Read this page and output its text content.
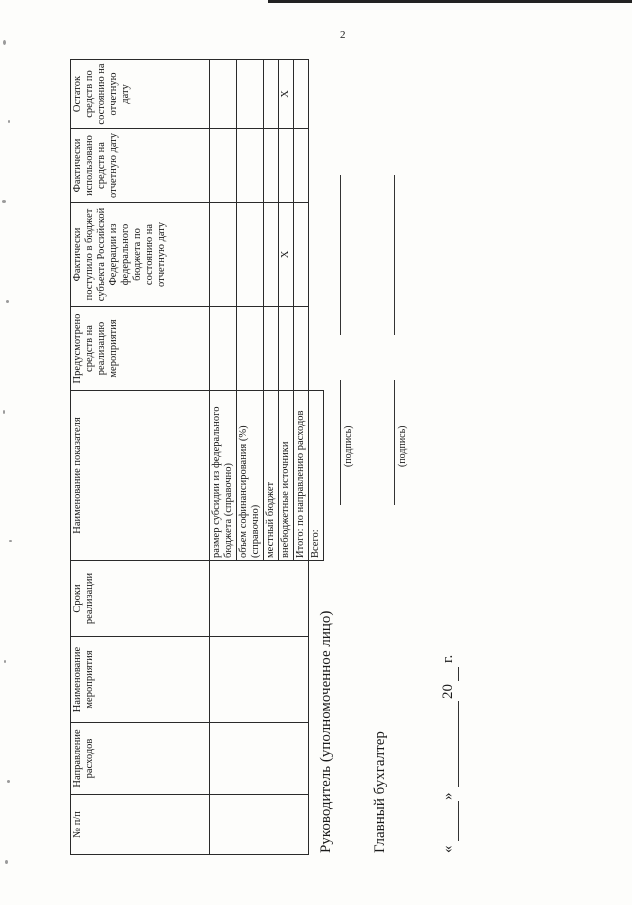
2
№ п/п	Направление расходов	Наименование мероприятия	Сроки реализации	Наименование показателя	Предусмотрено средств на реализацию мероприятия	Фактически поступило в бюджет субъекта Российской Федерации из федерального бюджета по состоянию на отчетную дату	Фактически использовано средств на отчетную дату	Остаток средств по состоянию на отчетную дату
				размер субсидии из федерального бюджета (справочно)				
				объем софинансирования (%) (справочно)				
				местный бюджет				
				внебюджетные источники		X		X
				Итого: по направлению расходов				
				Всего:				
Руководитель (уполномоченное лицо)
(подпись)
Главный бухгалтер
(подпись)
«
»
20
г.
